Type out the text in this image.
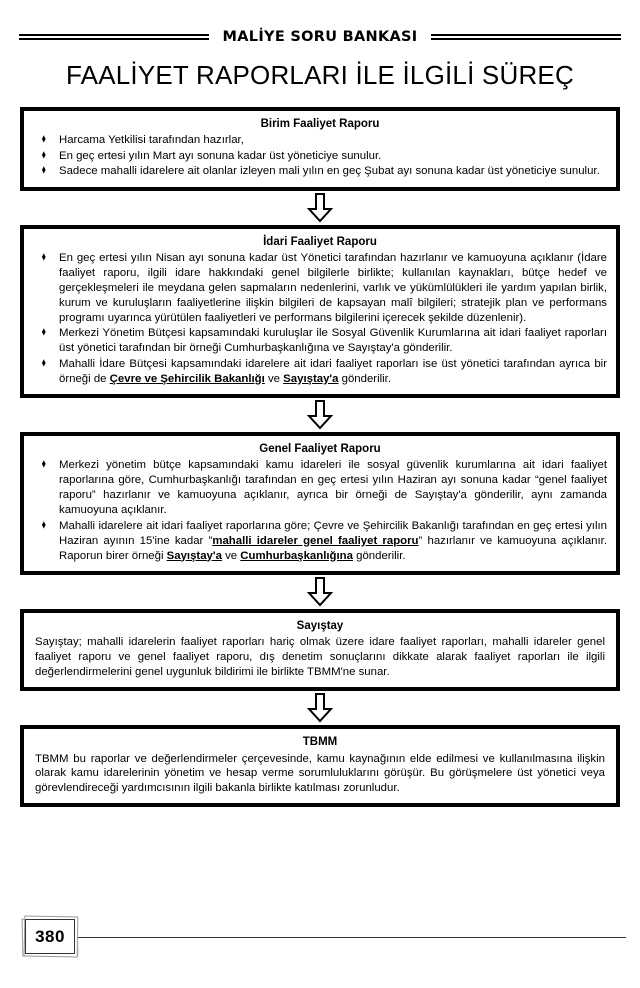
MALİYE SORU BANKASI
FAALİYET RAPORLARI İLE İLGİLİ SÜREÇ
Birim Faaliyet Raporu
♦ Harcama Yetkilisi tarafından hazırlar,
♦ En geç ertesi yılın Mart ayı sonuna kadar üst yöneticiye sunulur.
♦ Sadece mahalli idarelere ait olanlar izleyen mali yılın en geç Şubat ayı sonuna kadar üst yöneticiye sunulur.
İdari Faaliyet Raporu
♦ En geç ertesi yılın Nisan ayı sonuna kadar üst Yönetici tarafından hazırlanır ve kamuoyuna açıklanır (İdare faaliyet raporu, ilgili idare hakkındaki genel bilgilerle birlikte; kullanılan kaynakları, bütçe hedef ve gerçekleşmeleri ile meydana gelen sapmaların nedenlerini, varlık ve yükümlülükleri ile yardım yapılan birlik, kurum ve kuruluşların faaliyetlerine ilişkin bilgileri de kapsayan malî bilgileri; stratejik plan ve performans programı uyarınca yürütülen faaliyetleri ve performans bilgilerini içerecek şekilde düzenlenir).
♦ Merkezi Yönetim Bütçesi kapsamındaki kuruluşlar ile Sosyal Güvenlik Kurumlarına ait idari faaliyet raporları üst yönetici tarafından bir örneği Cumhurbaşkanlığına ve Sayıştay'a gönderilir.
♦ Mahalli İdare Bütçesi kapsamındaki idarelere ait idari faaliyet raporları ise üst yönetici tarafından ayrıca bir örneği de Çevre ve Şehircilik Bakanlığı ve Sayıştay'a gönderilir.
Genel Faaliyet Raporu
♦ Merkezi yönetim bütçe kapsamındaki kamu idareleri ile sosyal güvenlik kurumlarına ait idari faaliyet raporlarına göre, Cumhurbaşkanlığı tarafından en geç ertesi yılın Haziran ayı sonuna kadar “genel faaliyet raporu” hazırlanır ve kamuoyuna açıklanır, ayrıca bir örneği de Sayıştay'a gönderilir, aynı zamanda kamuoyuna açıklanır.
♦ Mahalli idarelere ait idari faaliyet raporlarına göre; Çevre ve Şehircilik Bakanlığı tarafından en geç ertesi yılın Haziran ayının 15'ine kadar ”mahalli idareler genel faaliyet raporu” hazırlanır ve kamuoyuna açıklanır. Raporun birer örneği Sayıştay'a ve Cumhurbaşkanlığına gönderilir.
Sayıştay

Sayıştay; mahalli idarelerin faaliyet raporları hariç olmak üzere idare faaliyet raporları, mahalli idareler genel faaliyet raporu ve genel faaliyet raporu, dış denetim sonuçlarını dikkate alarak faaliyet raporları ile ilgili değerlendirmelerini genel uygunluk bildirimi ile birlikte TBMM'ne sunar.

TBMM

TBMM bu raporlar ve değerlendirmeler çerçevesinde, kamu kaynağının elde edilmesi ve kullanılmasına ilişkin olarak kamu idarelerinin yönetim ve hesap verme sorumluluklarını görüşür. Bu görüşmelere üst yönetici veya görevlendireceği yardımcısının ilgili bakanla birlikte katılması zorunludur.

380
